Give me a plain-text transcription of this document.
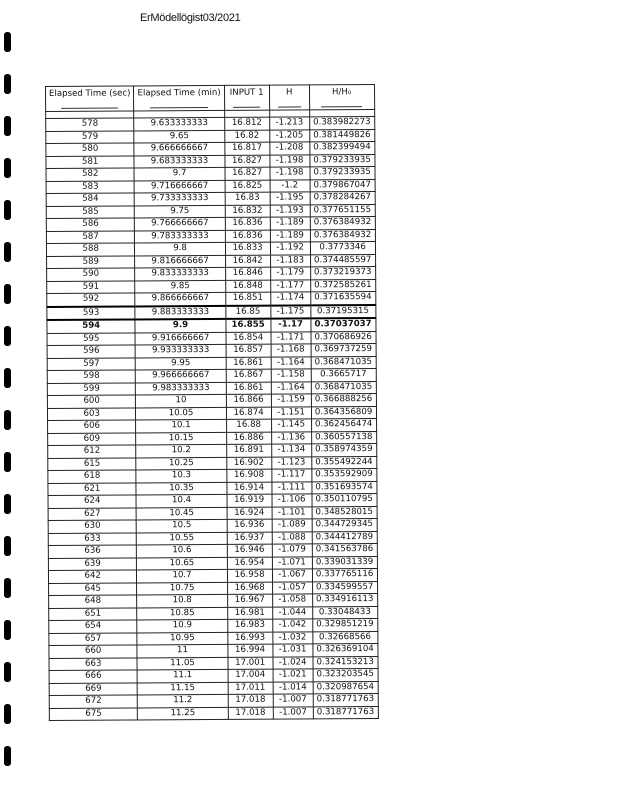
ErMödellögist03/2021
Elapsed Time (sec)	Elapsed Time (min)	INPUT 1	H	H/H₀

578	9.633333333	16.812	-1.213	0.383982273
579	9.65	16.82	-1.205	0.381449826
580	9.666666667	16.817	-1.208	0.382399494
581	9.683333333	16.827	-1.198	0.379233935
582	9.7	16.827	-1.198	0.379233935
583	9.716666667	16.825	-1.2	0.379867047
584	9.733333333	16.83	-1.195	0.378284267
585	9.75	16.832	-1.193	0.377651155
586	9.766666667	16.836	-1.189	0.376384932
587	9.783333333	16.836	-1.189	0.376384932
588	9.8	16.833	-1.192	0.3773346
589	9.816666667	16.842	-1.183	0.374485597
590	9.833333333	16.846	-1.179	0.373219373
591	9.85	16.848	-1.177	0.372585261
592	9.866666667	16.851	-1.174	0.371635594
593	9.883333333	16.85	-1.175	0.37195315
594	9.9	16.855	-1.17	0.37037037
595	9.916666667	16.854	-1.171	0.370686926
596	9.933333333	16.857	-1.168	0.369737259
597	9.95	16.861	-1.164	0.368471035
598	9.966666667	16.867	-1.158	0.3665717
599	9.983333333	16.861	-1.164	0.368471035
600	10	16.866	-1.159	0.366888256
603	10.05	16.874	-1.151	0.364356809
606	10.1	16.88	-1.145	0.362456474
609	10.15	16.886	-1.136	0.360557138
612	10.2	16.891	-1.134	0.358974359
615	10.25	16.902	-1.123	0.355492244
618	10.3	16.908	-1.117	0.353592909
621	10.35	16.914	-1.111	0.351693574
624	10.4	16.919	-1.106	0.350110795
627	10.45	16.924	-1.101	0.348528015
630	10.5	16.936	-1.089	0.344729345
633	10.55	16.937	-1.088	0.344412789
636	10.6	16.946	-1.079	0.341563786
639	10.65	16.954	-1.071	0.339031339
642	10.7	16.958	-1.067	0.337765116
645	10.75	16.968	-1.057	0.334599557
648	10.8	16.967	-1.058	0.334916113
651	10.85	16.981	-1.044	0.33048433
654	10.9	16.983	-1.042	0.329851219
657	10.95	16.993	-1.032	0.32668566
660	11	16.994	-1.031	0.326369104
663	11.05	17.001	-1.024	0.324153213
666	11.1	17.004	-1.021	0.323203545
669	11.15	17.011	-1.014	0.320987654
672	11.2	17.018	-1.007	0.318771763
675	11.25	17.018	-1.007	0.318771763
